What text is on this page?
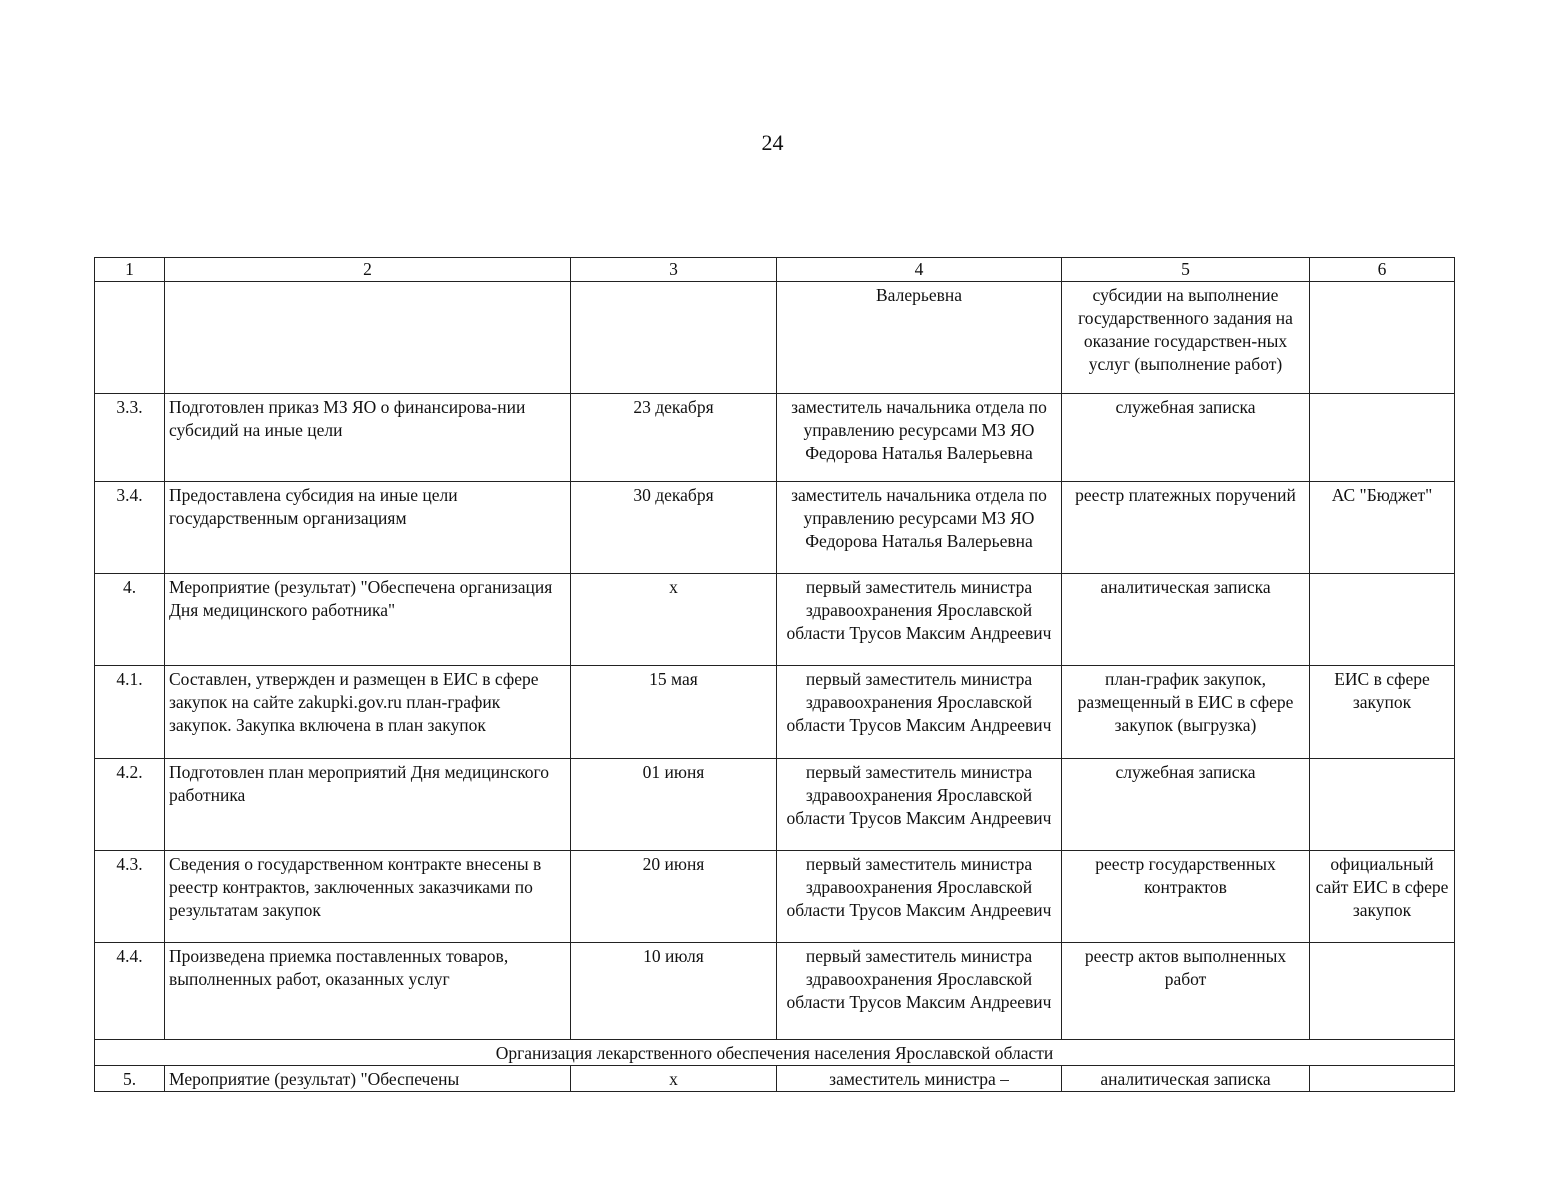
24
1	2	3	4	5	6
			Валерьевна	субсидии на выполнение государственного задания на оказание государствен-ных услуг (выполнение работ)	
3.3.	Подготовлен приказ МЗ ЯО о финансирова-нии субсидий на иные цели	23 декабря	заместитель начальника отдела по управлению ресурсами МЗ ЯО Федорова Наталья Валерьевна	служебная записка	
3.4.	Предоставлена субсидия на иные цели государственным организациям	30 декабря	заместитель начальника отдела по управлению ресурсами МЗ ЯО Федорова Наталья Валерьевна	реестр платежных поручений	АС "Бюджет"
4.	Мероприятие (результат) "Обеспечена организация Дня медицинского работника"	х	первый заместитель министра здравоохранения Ярославской области Трусов Максим Андреевич	аналитическая записка	
4.1.	Составлен, утвержден и размещен в ЕИС в сфере закупок на сайте zakupki.gov.ru план-график закупок. Закупка включена в план закупок	15 мая	первый заместитель министра здравоохранения Ярославской области Трусов Максим Андреевич	план-график закупок, размещенный в ЕИС в сфере закупок (выгрузка)	ЕИС в сфере закупок
4.2.	Подготовлен план мероприятий Дня медицинского работника	01 июня	первый заместитель министра здравоохранения Ярославской области Трусов Максим Андреевич	служебная записка	
4.3.	Сведения о государственном контракте внесены в реестр контрактов, заключенных заказчиками по результатам закупок	20 июня	первый заместитель министра здравоохранения Ярославской области Трусов Максим Андреевич	реестр государственных контрактов	официальный сайт ЕИС в сфере закупок
4.4.	Произведена приемка поставленных товаров, выполненных работ, оказанных услуг	10 июля	первый заместитель министра здравоохранения Ярославской области Трусов Максим Андреевич	реестр актов выполненных работ	
Организация лекарственного обеспечения населения Ярославской области					
5.	Мероприятие (результат) "Обеспечены	х	заместитель министра –	аналитическая записка	
